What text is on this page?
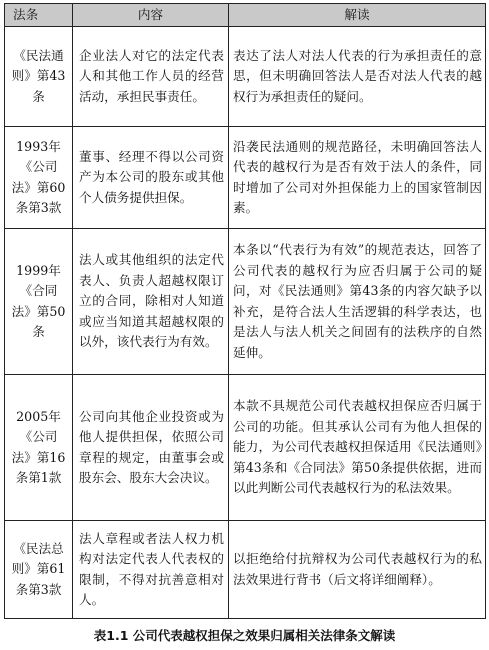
法条	内容	解读

《民法通则》第43条	企业法人对它的法定代表人和其他工作人员的经营活动，承担民事责任。	表达了法人对法人代表的行为承担责任的意思，但未明确回答法人是否对法人代表的越权行为承担责任的疑问。

1993年《公司法》第60条第3款	董事、经理不得以公司资产为本公司的股东或其他个人债务提供担保。	沿袭民法通则的规范路径，未明确回答法人代表的越权行为是否有效于法人的条件，同时增加了公司对外担保能力上的国家管制因素。

1999年《合同法》第50条	法人或其他组织的法定代表人、负责人超越权限订立的合同，除相对人知道或应当知道其超越权限的以外，该代表行为有效。	本条以“代表行为有效”的规范表达，回答了公司代表的越权行为应否归属于公司的疑问，对《民法通则》第43条的内容欠缺予以补充，是符合法人生活逻辑的科学表达，也是法人与法人机关之间固有的法秩序的自然延伸。

2005年《公司法》第16条第1款	公司向其他企业投资或为他人提供担保，依照公司章程的规定，由董事会或股东会、股东大会决议。	本款不具规范公司代表越权担保应否归属于公司的功能。但其承认公司有为他人担保的能力，为公司代表越权担保适用《民法通则》第43条和《合同法》第50条提供依据，进而以此判断公司代表越权行为的私法效果。

《民法总则》第61条第3款	法人章程或者法人权力机构对法定代表人代表权的限制，不得对抗善意相对人。	以拒绝给付抗辩权为公司代表越权行为的私法效果进行背书（后文将详细阐释）。
表1.1 公司代表越权担保之效果归属相关法律条文解读
